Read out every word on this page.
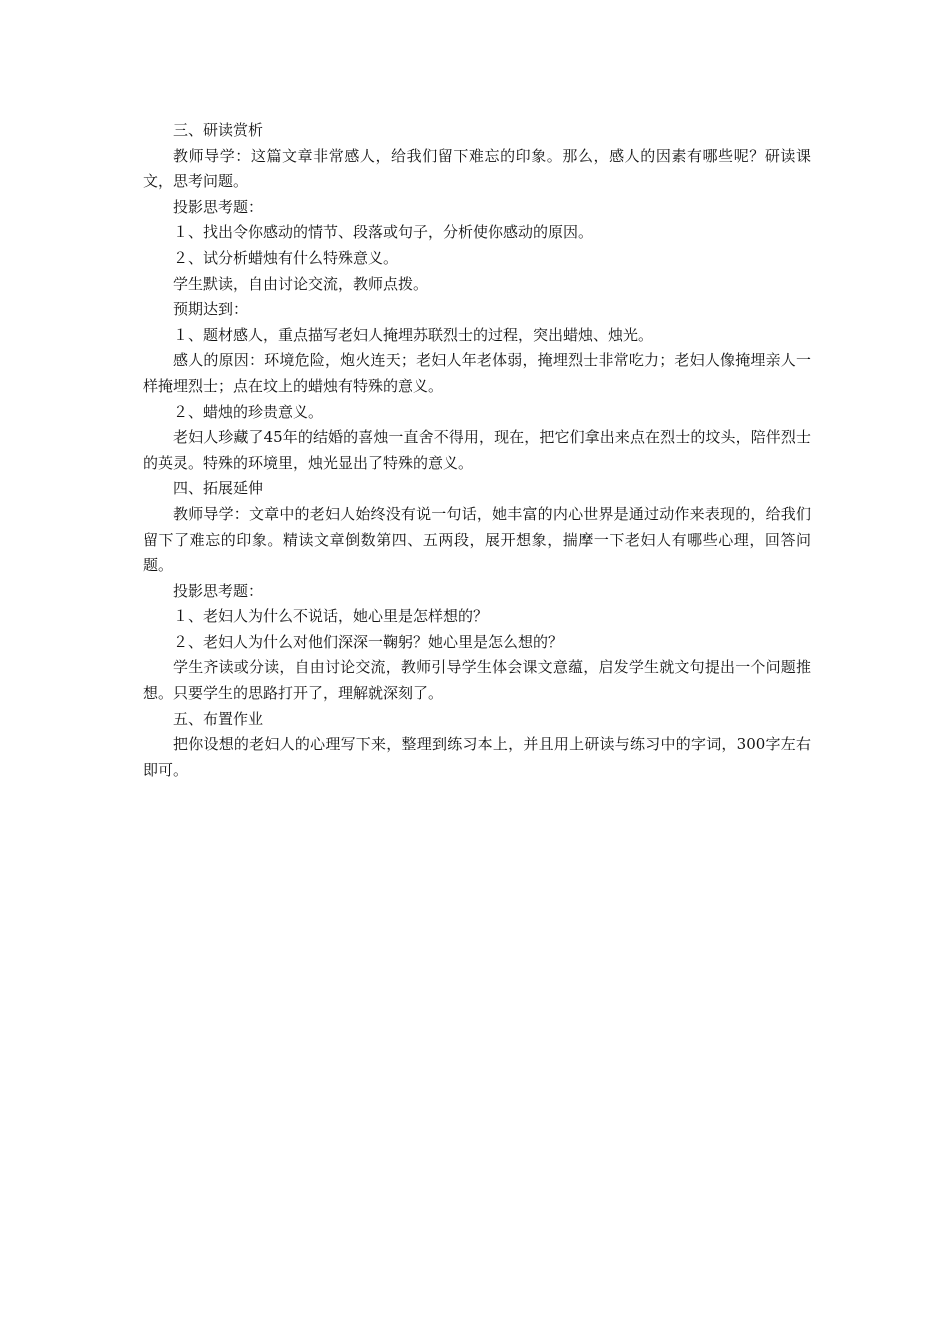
三、研读赏析

教师导学：这篇文章非常感人，给我们留下难忘的印象。那么，感人的因素有哪些呢？研读课文，思考问题。

投影思考题：

１、找出令你感动的情节、段落或句子，分析使你感动的原因。

２、试分析蜡烛有什么特殊意义。

学生默读，自由讨论交流，教师点拨。

预期达到：

１、题材感人，重点描写老妇人掩埋苏联烈士的过程，突出蜡烛、烛光。

感人的原因：环境危险，炮火连天；老妇人年老体弱，掩埋烈士非常吃力；老妇人像掩埋亲人一样掩埋烈士；点在坟上的蜡烛有特殊的意义。

２、蜡烛的珍贵意义。

老妇人珍藏了45年的结婚的喜烛一直舍不得用，现在，把它们拿出来点在烈士的坟头，陪伴烈士的英灵。特殊的环境里，烛光显出了特殊的意义。

四、拓展延伸

教师导学：文章中的老妇人始终没有说一句话，她丰富的内心世界是通过动作来表现的，给我们留下了难忘的印象。精读文章倒数第四、五两段，展开想象，揣摩一下老妇人有哪些心理，回答问题。

投影思考题：

１、老妇人为什么不说话，她心里是怎样想的？

２、老妇人为什么对他们深深一鞠躬？她心里是怎么想的？

学生齐读或分读，自由讨论交流，教师引导学生体会课文意蕴，启发学生就文句提出一个问题推想。只要学生的思路打开了，理解就深刻了。

五、布置作业

把你设想的老妇人的心理写下来，整理到练习本上，并且用上研读与练习中的字词，300字左右即可。
